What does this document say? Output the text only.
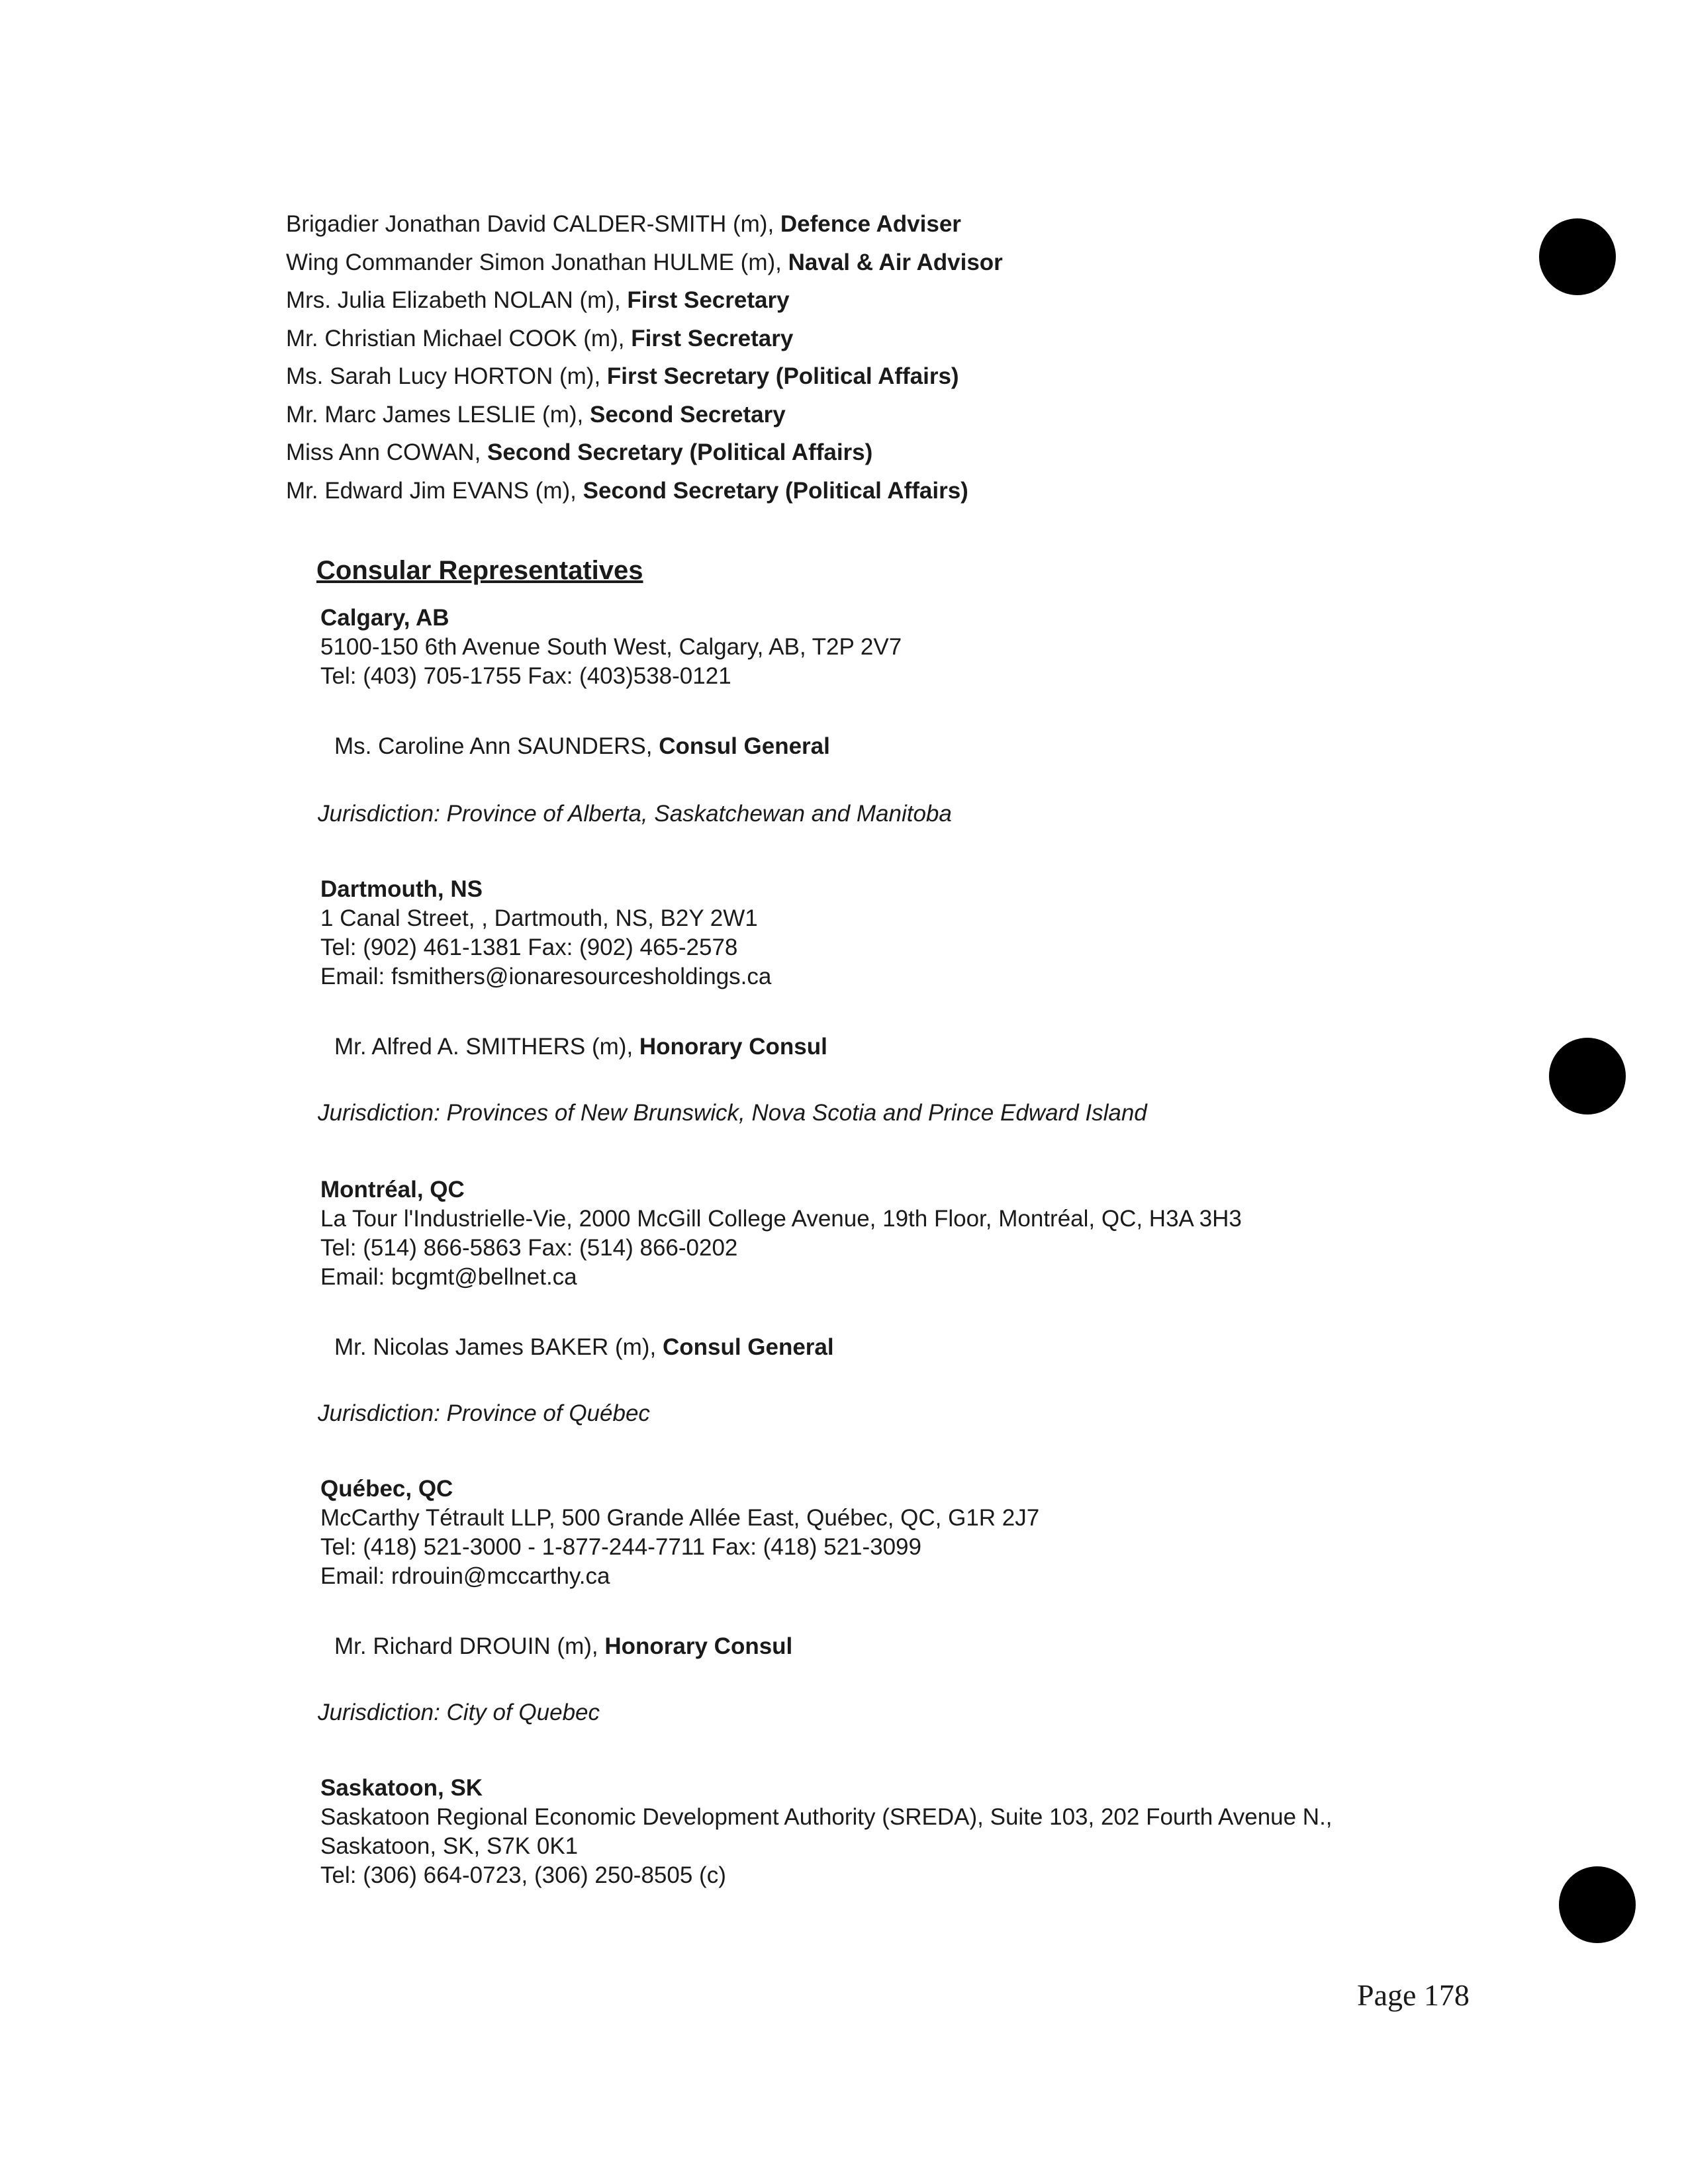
Brigadier Jonathan David CALDER-SMITH (m), Defence Adviser
Wing Commander Simon Jonathan HULME (m), Naval & Air Advisor
Mrs. Julia Elizabeth NOLAN (m), First Secretary
Mr. Christian Michael COOK (m), First Secretary
Ms. Sarah Lucy HORTON (m), First Secretary (Political Affairs)
Mr. Marc James LESLIE (m), Second Secretary
Miss Ann COWAN, Second Secretary (Political Affairs)
Mr. Edward Jim EVANS (m), Second Secretary (Political Affairs)
Consular Representatives
Calgary, AB
5100-150 6th Avenue South West, Calgary, AB, T2P 2V7
Tel: (403) 705-1755 Fax: (403)538-0121
Ms. Caroline Ann SAUNDERS, Consul General
Jurisdiction: Province of Alberta, Saskatchewan and Manitoba
Dartmouth, NS
1 Canal Street, , Dartmouth, NS, B2Y 2W1
Tel: (902) 461-1381 Fax: (902) 465-2578
Email: fsmithers@ionaresourcesholdings.ca
Mr. Alfred A. SMITHERS (m), Honorary Consul
Jurisdiction: Provinces of New Brunswick, Nova Scotia and Prince Edward Island
Montréal, QC
La Tour l'Industrielle-Vie, 2000 McGill College Avenue, 19th Floor, Montréal, QC, H3A 3H3
Tel: (514) 866-5863 Fax: (514) 866-0202
Email: bcgmt@bellnet.ca
Mr. Nicolas James BAKER (m), Consul General
Jurisdiction: Province of Québec
Québec, QC
McCarthy Tétrault LLP, 500 Grande Allée East, Québec, QC, G1R 2J7
Tel: (418) 521-3000 - 1-877-244-7711 Fax: (418) 521-3099
Email: rdrouin@mccarthy.ca
Mr. Richard DROUIN (m), Honorary Consul
Jurisdiction: City of Quebec
Saskatoon, SK
Saskatoon Regional Economic Development Authority (SREDA), Suite 103, 202 Fourth Avenue N.,
Saskatoon, SK, S7K 0K1
Tel: (306) 664-0723, (306) 250-8505 (c)
Page 178
